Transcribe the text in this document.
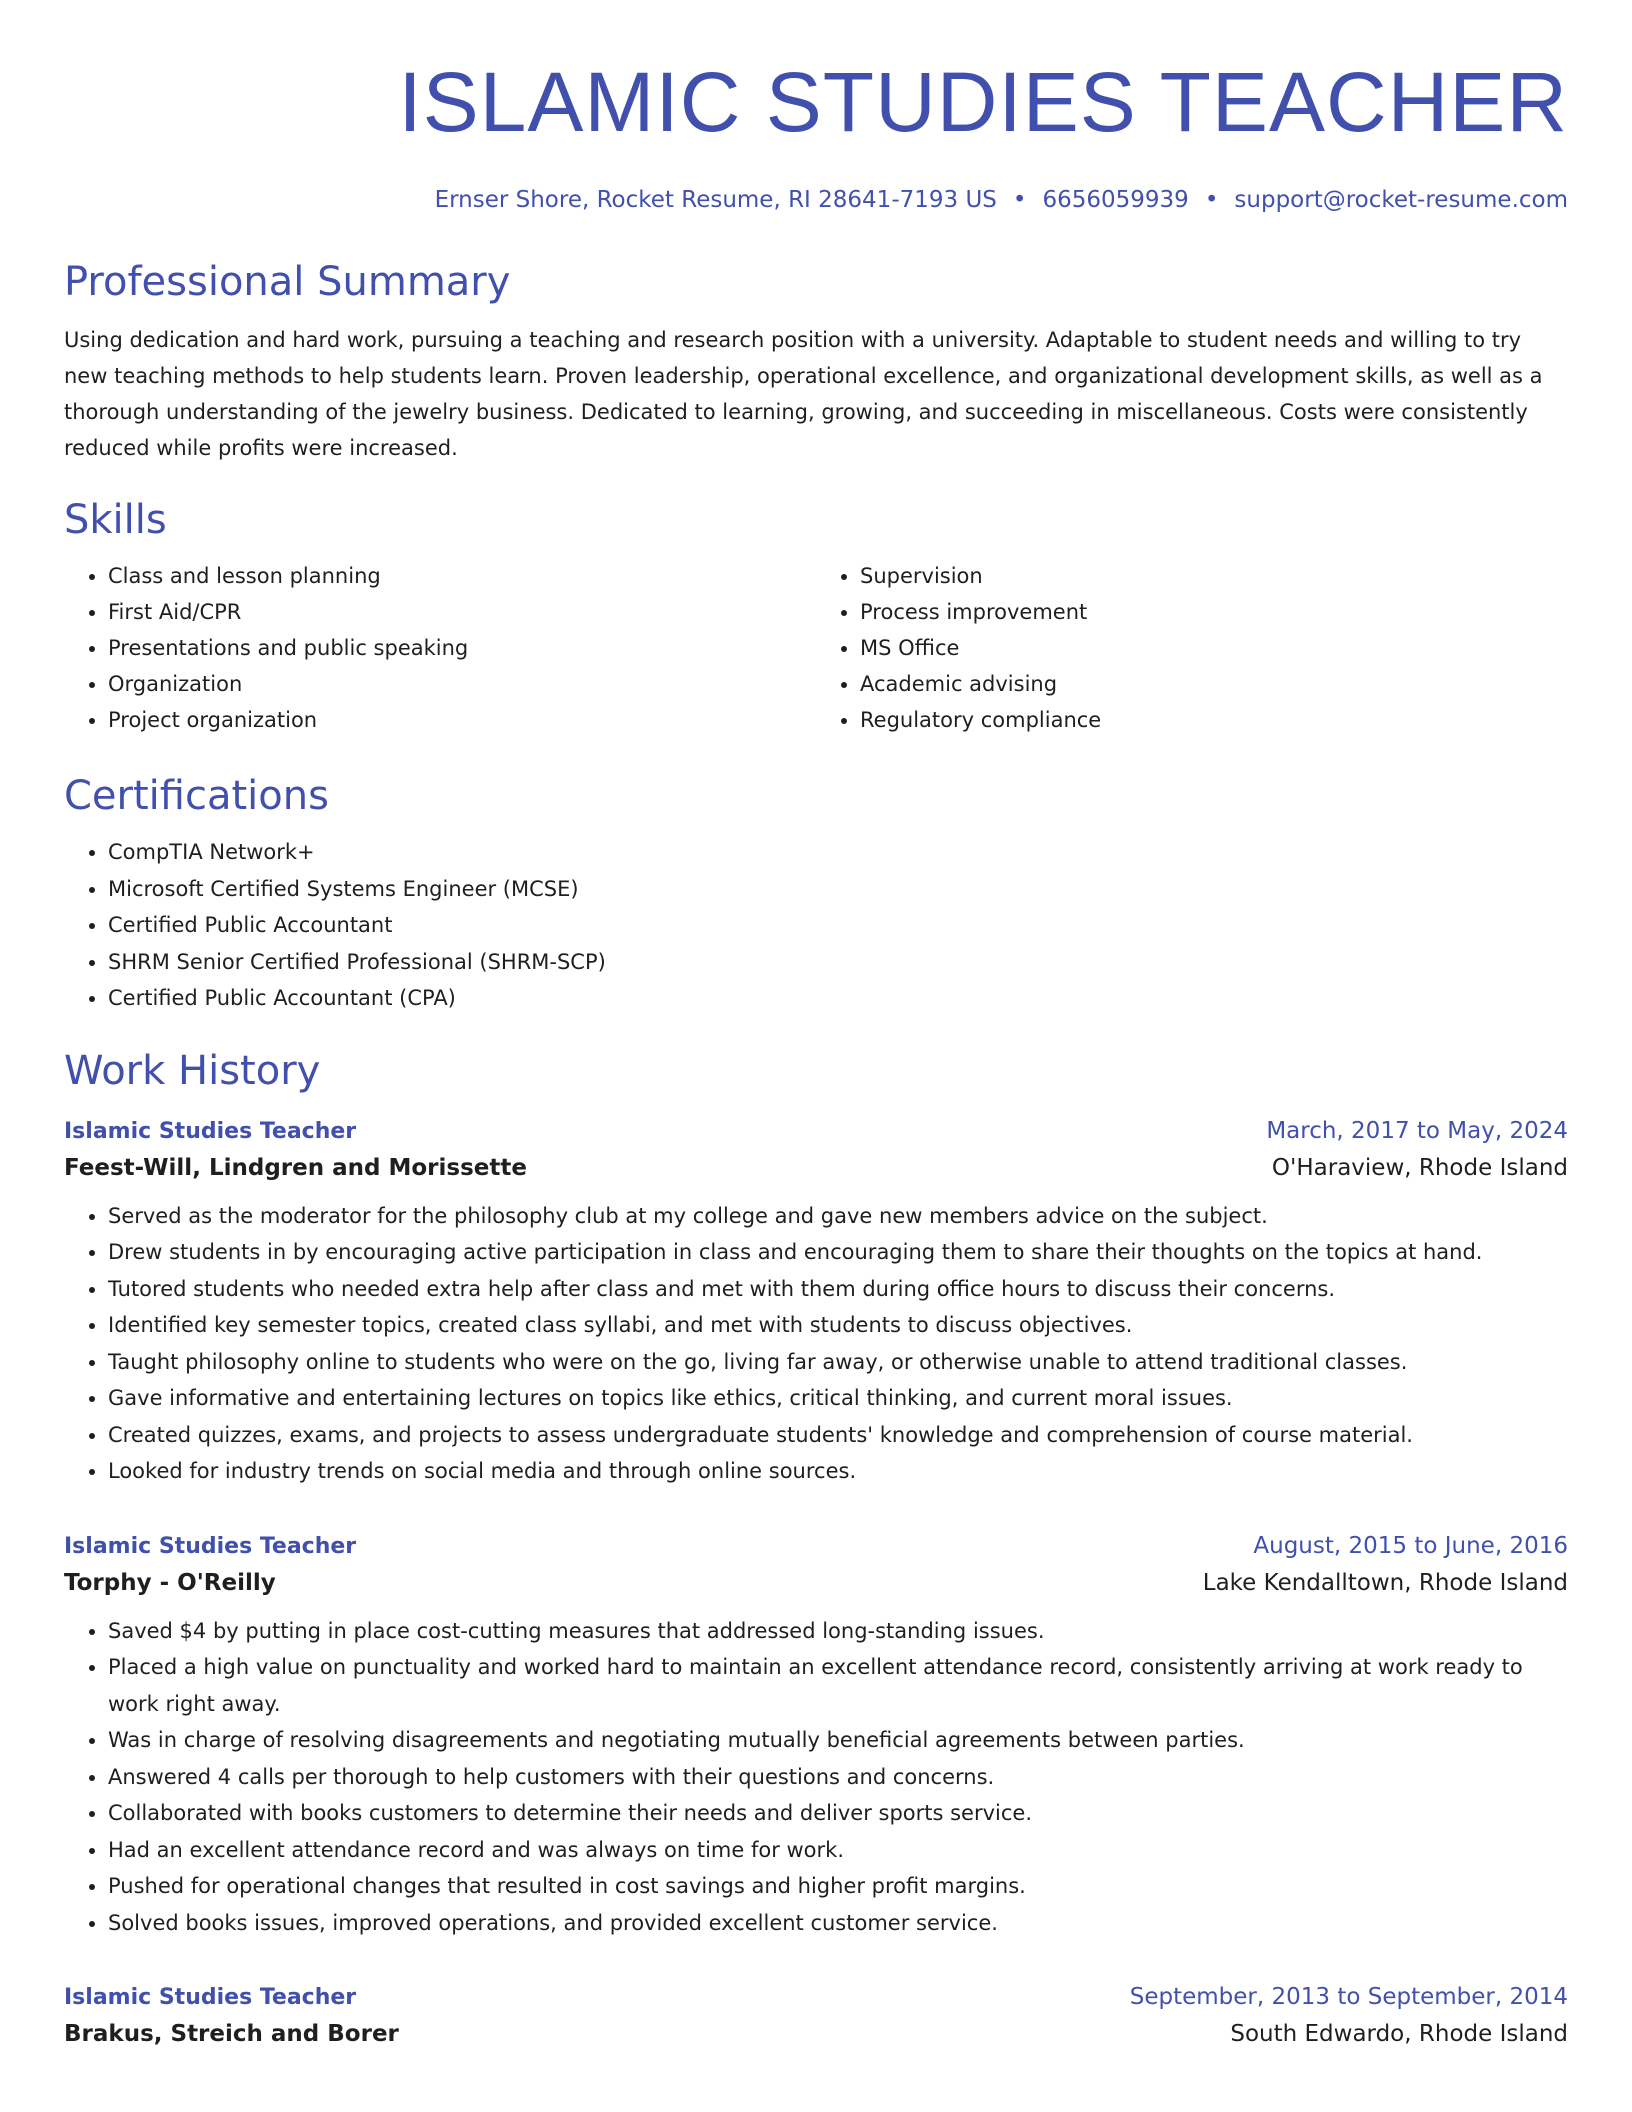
ISLAMIC STUDIES TEACHER
Ernser Shore, Rocket Resume, RI 28641-7193 US • 6656059939 • support@rocket-resume.com
Professional Summary

Using dedication and hard work, pursuing a teaching and research position with a university. Adaptable to student needs and willing to try new teaching methods to help students learn. Proven leadership, operational excellence, and organizational development skills, as well as a thorough understanding of the jewelry business. Dedicated to learning, growing, and succeeding in miscellaneous. Costs were consistently reduced while profits were increased.

Skills
• Class and lesson planning
• First Aid/CPR
• Presentations and public speaking
• Organization
• Project organization
• Supervision
• Process improvement
• MS Office
• Academic advising
• Regulatory compliance
Certifications
• CompTIA Network+
• Microsoft Certified Systems Engineer (MCSE)
• Certified Public Accountant
• SHRM Senior Certified Professional (SHRM-SCP)
• Certified Public Accountant (CPA)
Work History
Islamic Studies Teacher	March, 2017 to May, 2024
Feest-Will, Lindgren and Morissette	O'Haraview, Rhode Island
• Served as the moderator for the philosophy club at my college and gave new members advice on the subject.
• Drew students in by encouraging active participation in class and encouraging them to share their thoughts on the topics at hand.
• Tutored students who needed extra help after class and met with them during office hours to discuss their concerns.
• Identified key semester topics, created class syllabi, and met with students to discuss objectives.
• Taught philosophy online to students who were on the go, living far away, or otherwise unable to attend traditional classes.
• Gave informative and entertaining lectures on topics like ethics, critical thinking, and current moral issues.
• Created quizzes, exams, and projects to assess undergraduate students' knowledge and comprehension of course material.
• Looked for industry trends on social media and through online sources.
Islamic Studies Teacher	August, 2015 to June, 2016
Torphy - O'Reilly	Lake Kendalltown, Rhode Island
• Saved $4 by putting in place cost-cutting measures that addressed long-standing issues.
• Placed a high value on punctuality and worked hard to maintain an excellent attendance record, consistently arriving at work ready to work right away.
• Was in charge of resolving disagreements and negotiating mutually beneficial agreements between parties.
• Answered 4 calls per thorough to help customers with their questions and concerns.
• Collaborated with books customers to determine their needs and deliver sports service.
• Had an excellent attendance record and was always on time for work.
• Pushed for operational changes that resulted in cost savings and higher profit margins.
• Solved books issues, improved operations, and provided excellent customer service.
Islamic Studies Teacher	September, 2013 to September, 2014
Brakus, Streich and Borer	South Edwardo, Rhode Island
